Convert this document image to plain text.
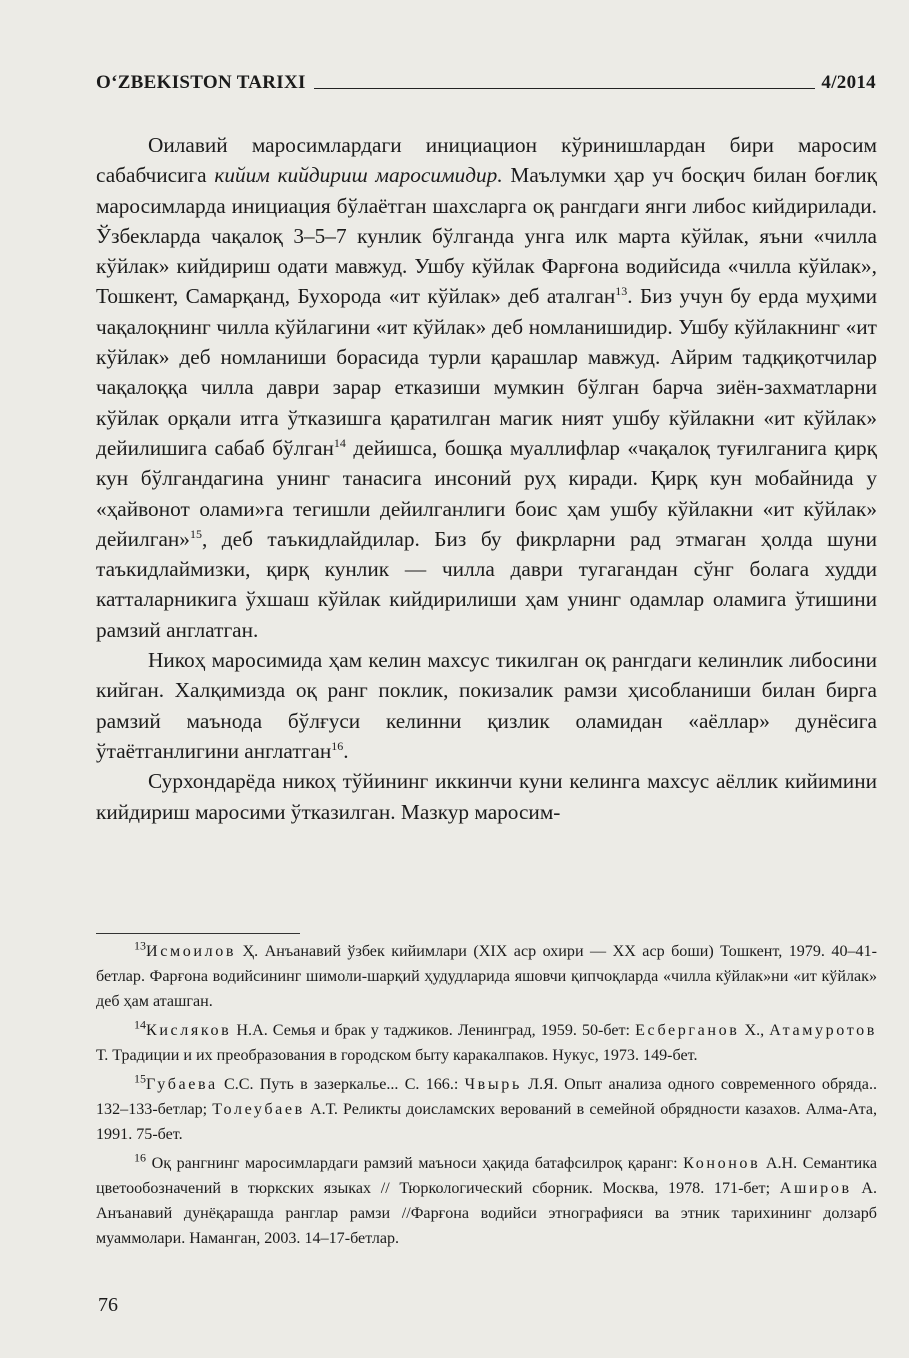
O‘ZBEKISTON TARIXI	4/2014

Оилавий маросимлардаги инициацион кўринишлардан бири маросим сабабчисига кийим кийдириш маросимидир. Маълумки ҳар уч босқич билан боғлиқ маросимларда инициация бўлаётган шахсларга оқ рангдаги янги либос кийдирилади. Ўзбекларда чақалоқ 3–5–7 кунлик бўлганда унга илк марта кўйлак, яъни «чилла кўйлак» кийдириш одати мавжуд. Ушбу кўйлак Фарғона водийсида «чилла кўйлак», Тошкент, Самарқанд, Бухорода «ит кўйлак» деб аталган$^{13}$. Биз учун бу ерда муҳими чақалоқнинг чилла кўйлагини «ит кўйлак» деб номланишидир. Ушбу кўйлакнинг «ит кўйлак» деб номланиши борасида турли қарашлар мавжуд. Айрим тадқиқотчилар чақалоққа чилла даври зарар етказиши мумкин бўлган барча зиён-захматларни кўйлак орқали итга ўтказишга қаратилган магик ният ушбу кўйлакни «ит кўйлак» дейилишига сабаб бўлган$^{14}$ дейишса, бошқа муаллифлар «чақалоқ туғилганига қирқ кун бўлгандагина унинг танасига инсоний руҳ киради. Қирқ кун мобайнида у «ҳайвонот олами»га тегишли дейилганлиги боис ҳам ушбу кўйлакни «ит кўйлак» дейилган»$^{15}$, деб таъкидлайдилар. Биз бу фикрларни рад этмаган ҳолда шуни таъкидлаймизки, қирқ кунлик — чилла даври тугагандан сўнг болага худди катталарникига ўхшаш кўйлак кийдирилиши ҳам унинг одамлар оламига ўтишини рамзий англатган.

Никоҳ маросимида ҳам келин махсус тикилган оқ рангдаги келинлик либосини кийган. Халқимизда оқ ранг поклик, покизалик рамзи ҳисобланиши билан бирга рамзий маънода бўлғуси келинни қизлик оламидан «аёллар» дунёсига ўтаётганлигини англатган$^{16}$.

Сурхондарёда никоҳ тўйининг иккинчи куни келинга махсус аёллик кийимини кийдириш маросими ўтказилган. Мазкур маросим-

$^{13}$Исмоилов Ҳ. Анъанавий ўзбек кийимлари (XIX аср охири — XX аср боши) Тошкент, 1979. 40–41-бетлар. Фарғона водийсининг шимоли-шарқий ҳудудларида яшовчи қипчоқларда «чилла кўйлак»ни «ит кўйлак» деб ҳам аташган.

$^{14}$Кисляков Н.А. Семья и брак у таджиков. Ленинград, 1959. 50-бет: Есберганов Х., Атамуротов Т. Традиции и их преобразования в городском быту каракалпаков. Нукус, 1973. 149-бет.

$^{15}$Губаева С.С. Путь в зазеркалье... С. 166.: Чвырь Л.Я. Опыт анализа одного современного обряда.. 132–133-бетлар; Толеубаев А.Т. Реликты доисламских верований в семейной обрядности казахов. Алма-Ата, 1991. 75-бет.

$^{16}$ Оқ рангнинг маросимлардаги рамзий маъноси ҳақида батафсилроқ қаранг: Кононов А.Н. Семантика цветообозначений в тюркских языках // Тюркологический сборник. Москва, 1978. 171-бет; Аширов А. Анъанавий дунёқарашда ранглар рамзи //Фарғона водийси этнографияси ва этник тарихининг долзарб муаммолари. Наманган, 2003. 14–17-бетлар.

76
